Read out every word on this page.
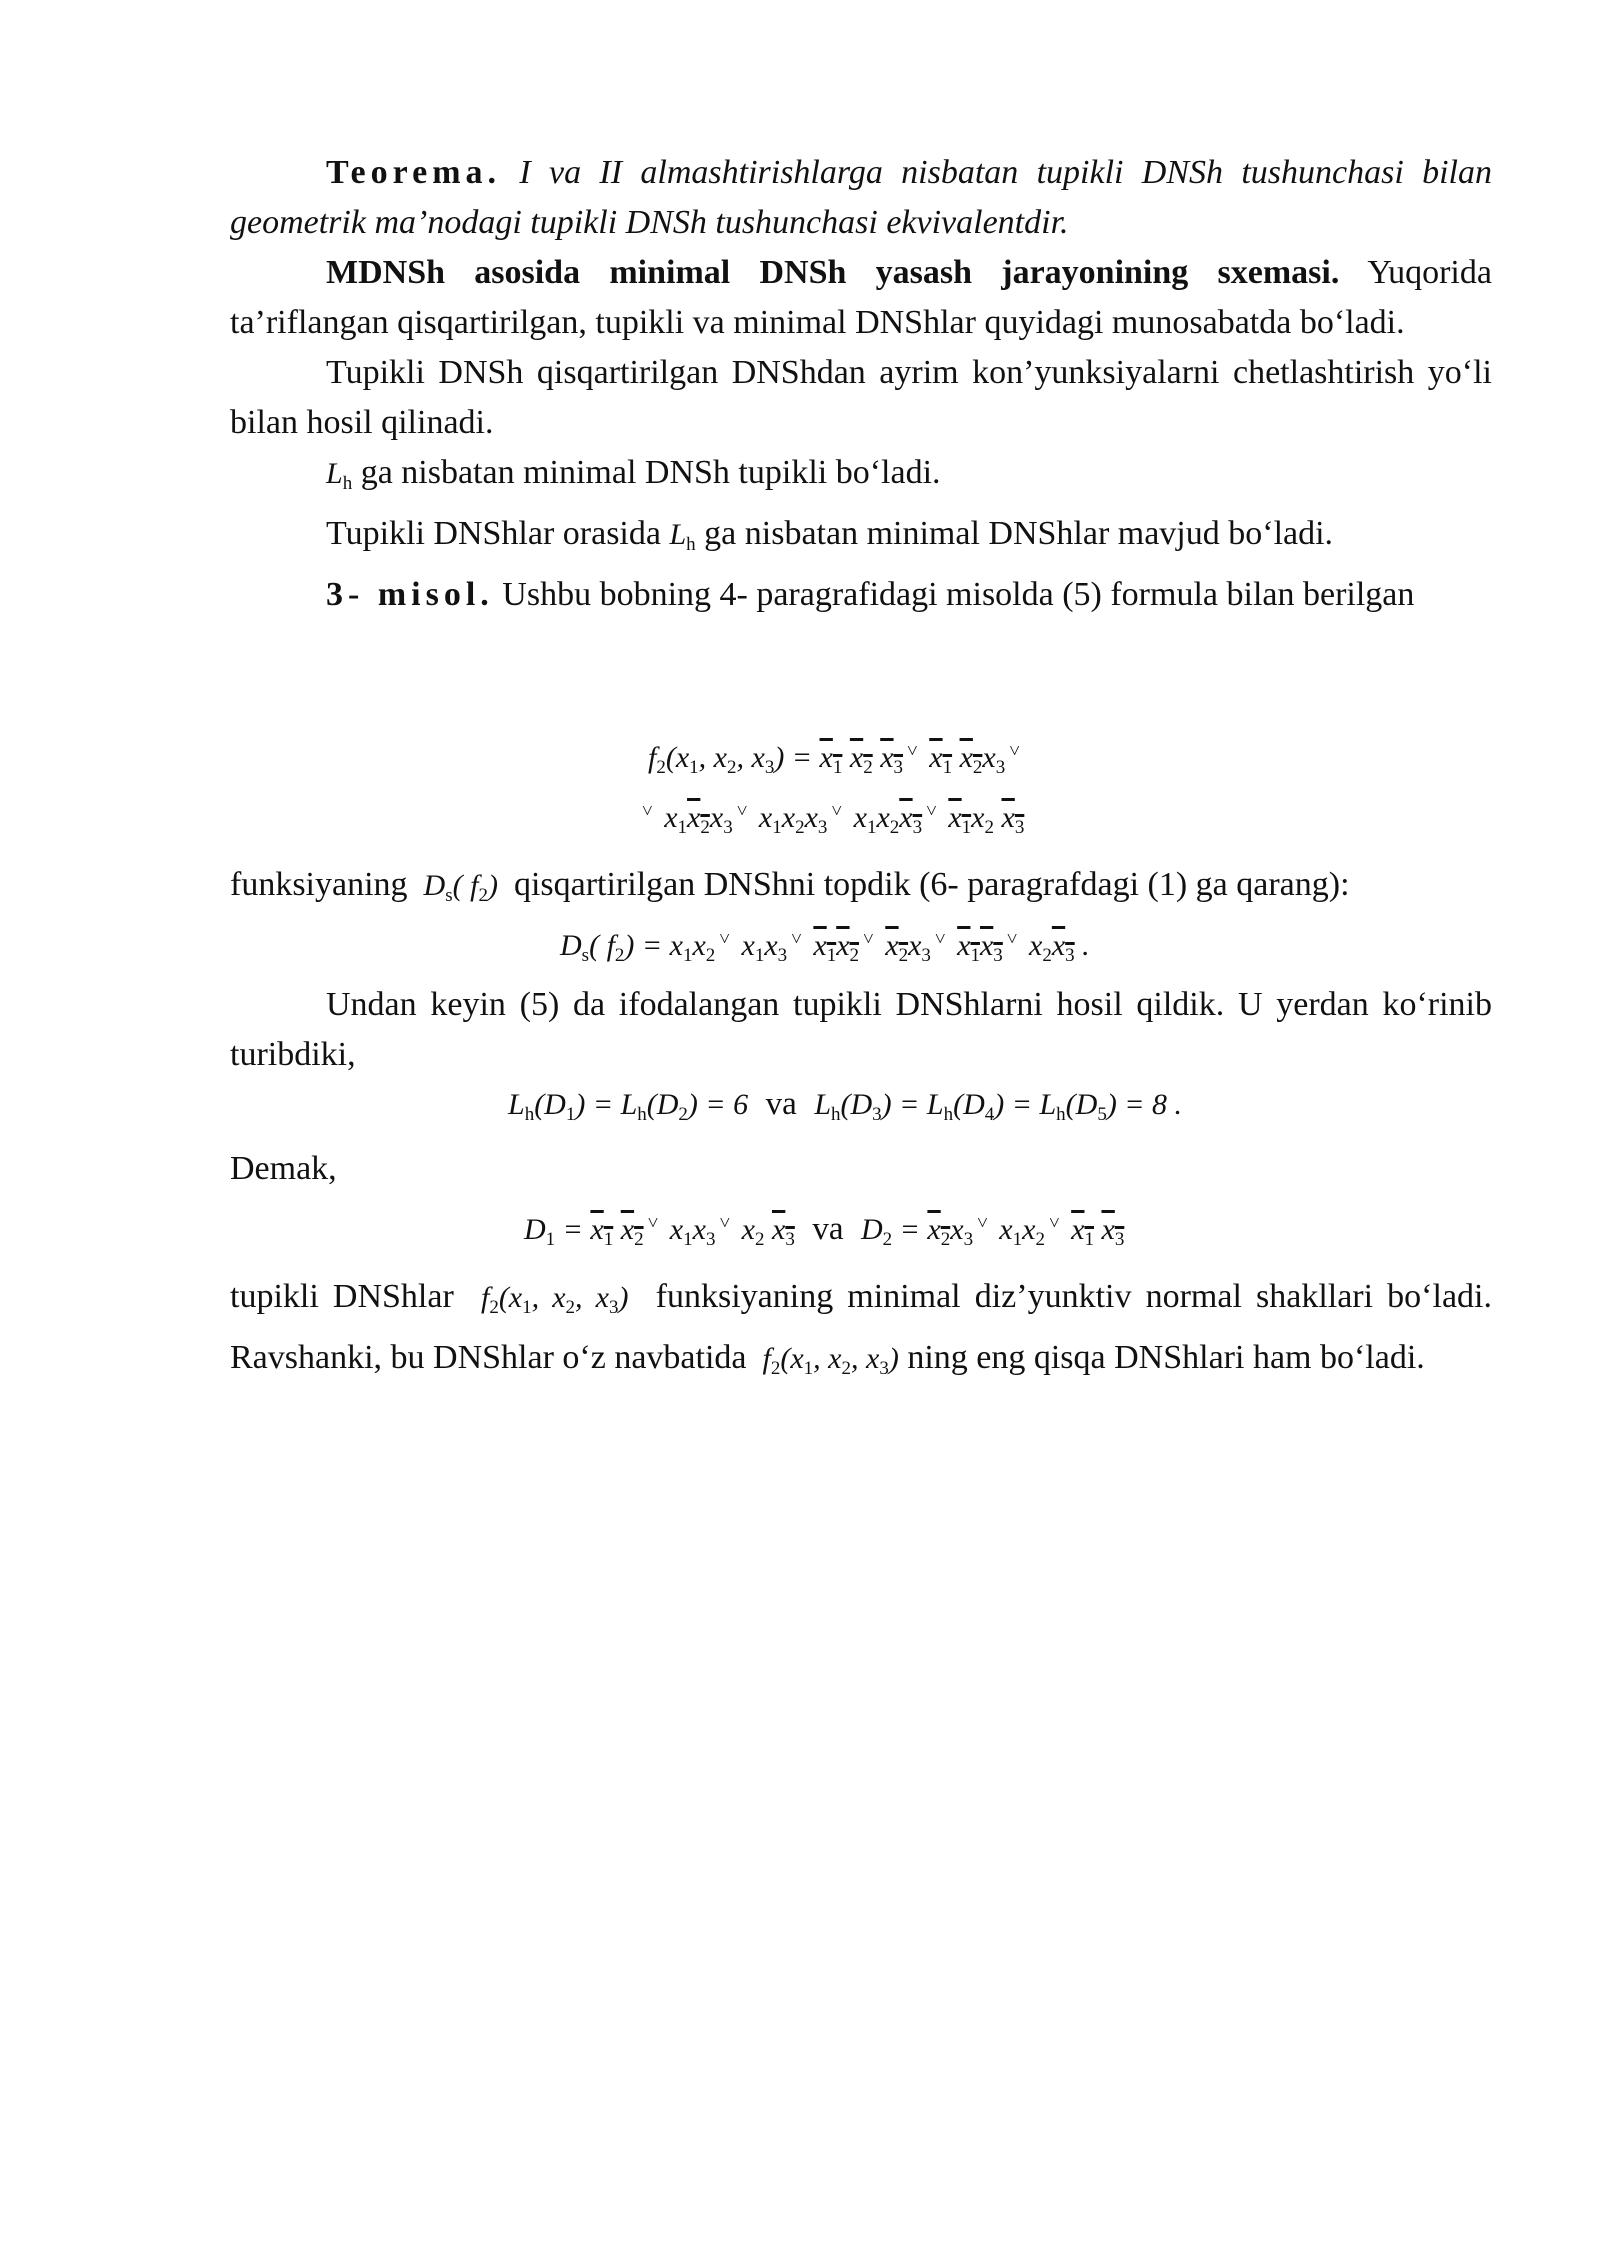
Teorema. I va II almashtirishlarga nisbatan tupikli DNSh tushunchasi bilan geometrik ma’nodagi tupikli DNSh tushunchasi ekvivalentdir.

MDNSh asosida minimal DNSh yasash jarayonining sxemasi. Yuqorida ta’riflangan qisqartirilgan, tupikli va minimal DNShlar quyidagi munosabatda bo‘ladi.

Tupikli DNSh qisqartirilgan DNShdan ayrim kon’yunksiyalarni chetlashtirish yo‘li bilan hosil qilinadi.

$L_h$ ga nisbatan minimal DNSh tupikli bo‘ladi.

Tupikli DNShlar orasida $L_h$ ga nisbatan minimal DNShlar mavjud bo‘ladi.

3- misol. Ushbu bobning 4- paragrafidagi misolda (5) formula bilan berilgan

$f_2(x_1$, $x_2$, $x_3) = x_1$ $x_2$ $x_3^˅$ $x_1$ $x_2x_3^˅$
˅ $x_1x_2x_3^˅$ $x_1x_2x_3^˅$ $x_1x_2x_3^˅$ $x_1x_2$ $x_3$

funksiyaning  $D_s$( $f_2$)  qisqartirilgan DNShni topdik (6- paragrafdagi (1) ga qarang):

$D_s$( $f_2) = x_1x_2^˅$ $x_1x_3^˅$ $x_1x_2^˅$ $x_2x_3^˅$ $x_1x_3^˅$ $x_2x_3$ .

Undan keyin (5) da ifodalangan tupikli DNShlarni hosil qildik. U yerdan ko‘rinib turibdiki,

$L_h(D_1) = L_h(D_2) = 6$ va $L_h(D_3) = L_h(D_4) = L_h(D_5) = 8$ .

Demak,

$D_1 = x_1$ $x_2^˅$ $x_1x_3^˅$ $x_2$ $x_3$ va $D_2 = x_2x_3^˅$ $x_1x_2^˅$ $x_1$ $x_3$

tupikli DNShlar  $f_2(x_1$, $x_2$, $x_3$)  funksiyaning minimal diz’yunktiv normal shakllari bo‘ladi. Ravshanki, bu DNShlar o‘z navbatida  $f_2(x_1$, $x_2$, $x_3$) ning eng qisqa DNShlari ham bo‘ladi.
